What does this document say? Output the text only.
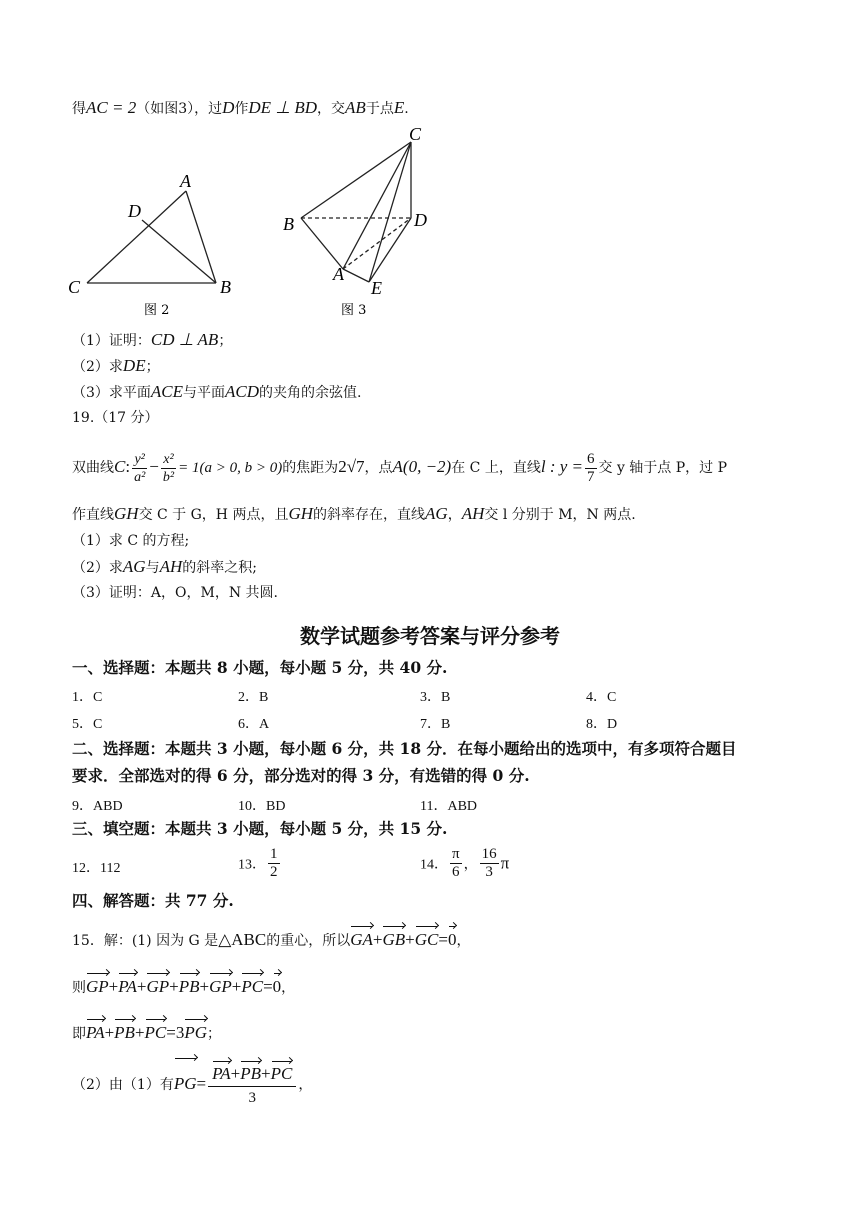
得AC = 2（如图3），过D作DE ⊥ BD，交AB于点E.
A
D
C	B
图 2
C
B	D
A
E
图 3
（1）证明：CD ⊥ AB；
（2）求DE；
（3）求平面ACE与平面ACD的夹角的余弦值.
19.（17 分）
双曲线C: $\frac{\text{y²}}{\text{a²}} - \frac{\text{x²}}{\text{b²}} = 1(a > 0$, b > 0)的焦距为2√7，点A(0, −2)在 C 上，直线l : $y = \frac{6}{7}$ 交 y 轴于点 P，过 P
作直线GH交 C 于 G，H 两点，且GH的斜率存在，直线AG，AH交 l 分别于 M，N 两点.
（1）求 C 的方程;
（2）求AG与AH的斜率之积;
（3）证明：A，O，M，N 共圆.
数学试题参考答案与评分参考
一、选择题：本题共 8 小题，每小题 5 分，共 40 分.
1．C	2．B	3．B	4．C
5．C	6．A	7．B	8．D
二、选择题：本题共 3 小题，每小题 6 分，共 18 分．在每小题给出的选项中，有多项符合题目
要求．全部选对的得 6 分，部分选对的得 3 分，有选错的得 0 分.
9．ABD	10．BD	11．ABD
三、填空题：本题共 3 小题，每小题 5 分，共 15 分.
12．112	13． $\frac{1}{2}$	14． $\frac{\pi}{6}$ ， $\frac{16}{3}$ π
四、解答题：共 77 分.
15．解：(1) 因为 G 是△ABC的重心，所以GA+GB+GC=0，
则GP+PA+GP+PB+GP+PC=0，
即PA+PB+PC=3PG；
（2）由（1）有$PG= \frac{PA+PB+PC}{3}$ ，
